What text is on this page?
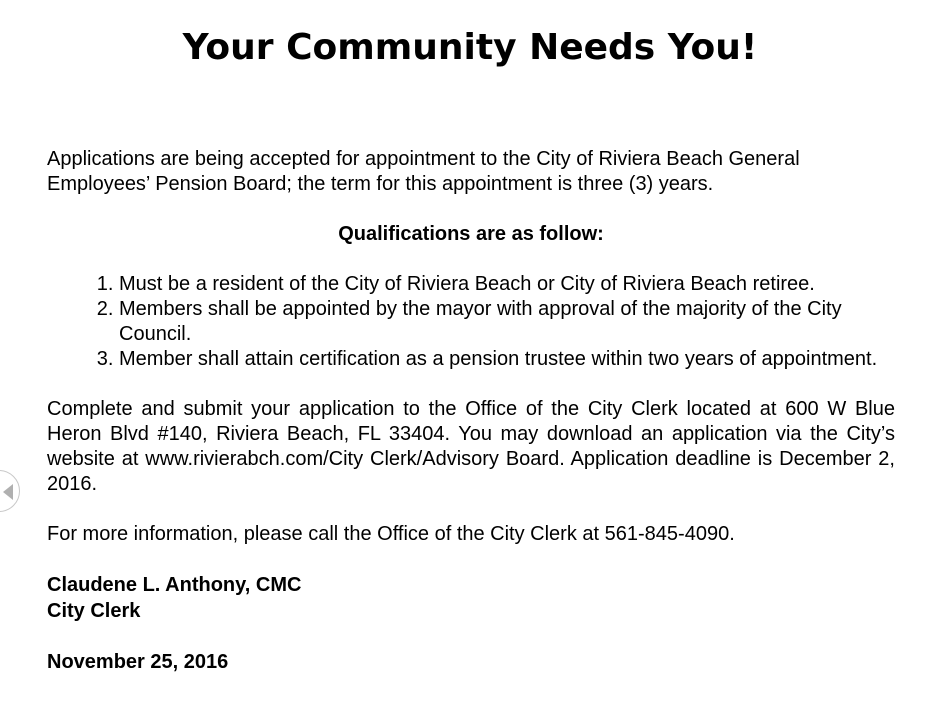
Your Community Needs You!

Applications are being accepted for appointment to the City of Riviera Beach General Employees’ Pension Board; the term for this appointment is three (3) years.

Qualifications are as follow:

1. Must be a resident of the City of Riviera Beach or City of Riviera Beach retiree.
2. Members shall be appointed by the mayor with approval of the majority of the City Council.
3. Member shall attain certification as a pension trustee within two years of appointment.

Complete and submit your application to the Office of the City Clerk located at 600 W Blue Heron Blvd #140, Riviera Beach, FL 33404. You may download an application via the City’s website at www.rivierabch.com/City Clerk/Advisory Board. Application deadline is December 2, 2016.

For more information, please call the Office of the City Clerk at 561-845-4090.

Claudene L. Anthony, CMC

City Clerk

November 25, 2016
